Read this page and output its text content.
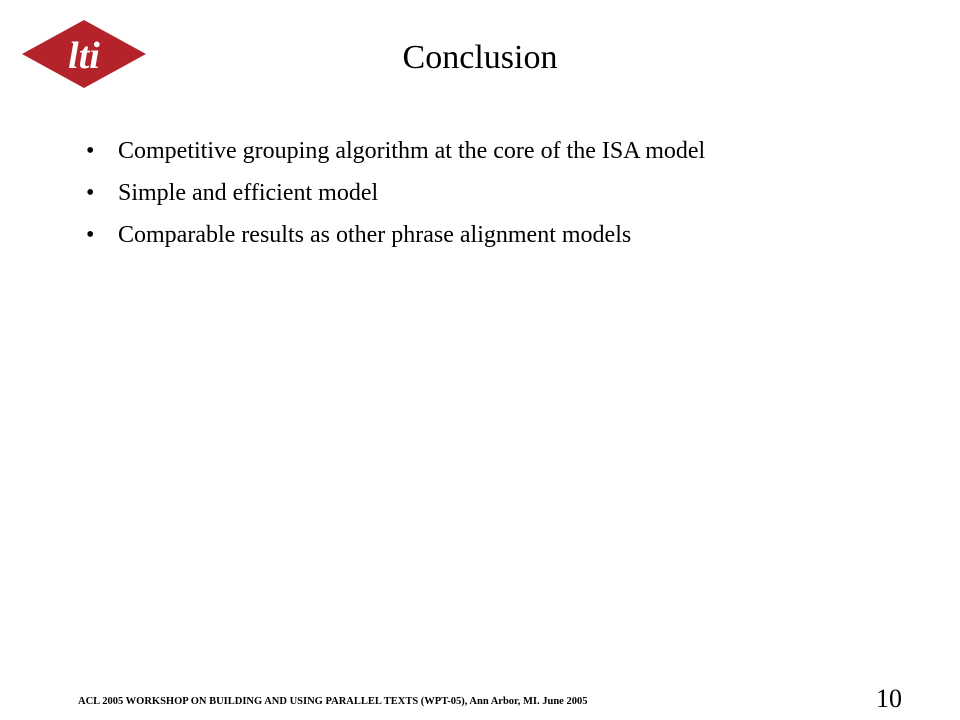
lti	Conclusion
• Competitive grouping algorithm at the core of the ISA model
• Simple and efficient model
• Comparable results as other phrase alignment models
ACL 2005 WORKSHOP ON BUILDING AND USING PARALLEL TEXTS (WPT-05), Ann Arbor, MI. June 2005	10
